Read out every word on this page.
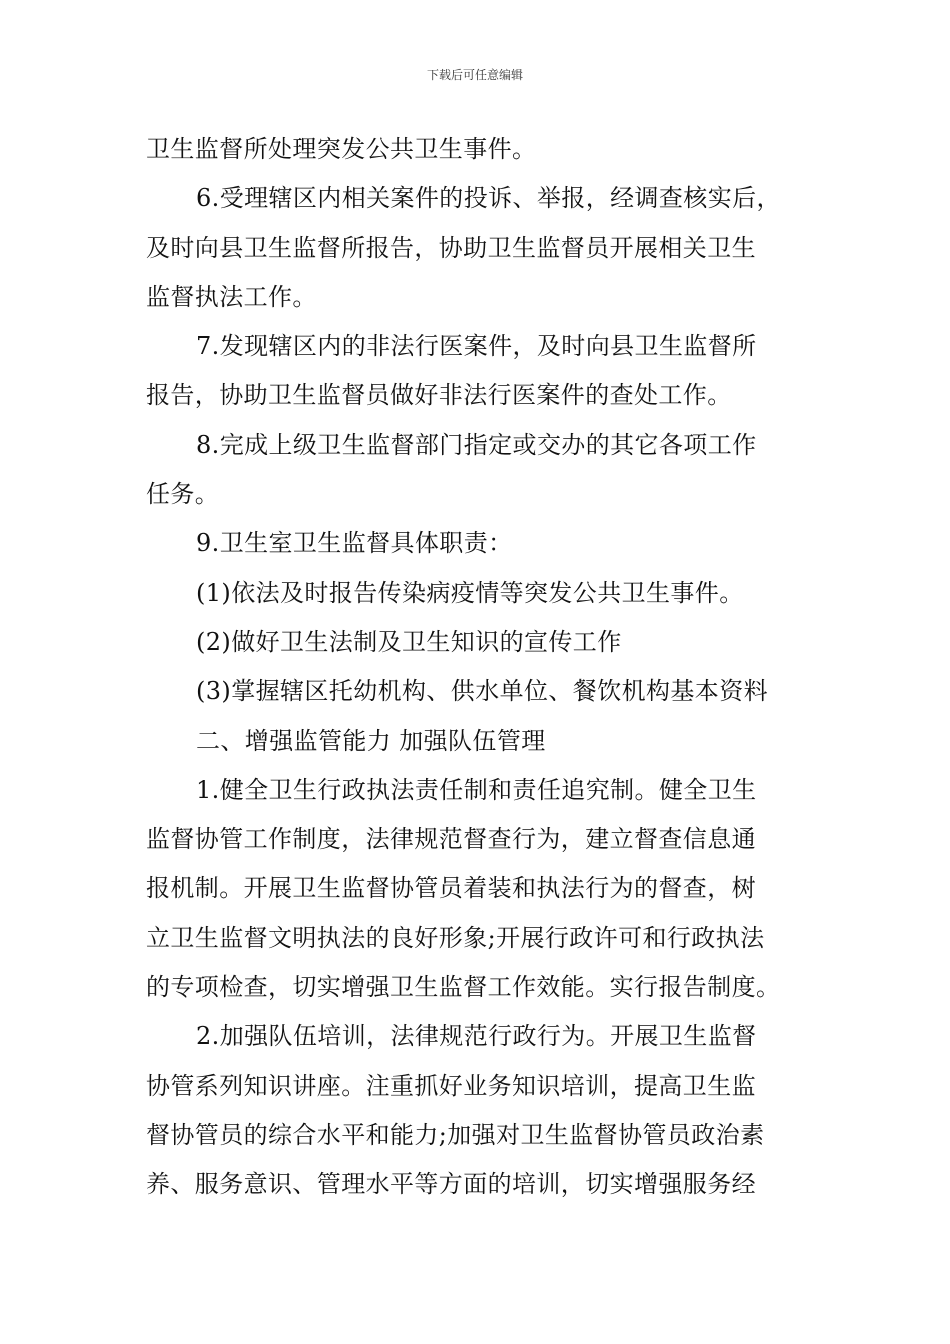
下载后可任意编辑
卫生监督所处理突发公共卫生事件。
6.受理辖区内相关案件的投诉、举报，经调查核实后，
及时向县卫生监督所报告，协助卫生监督员开展相关卫生
监督执法工作。
7.发现辖区内的非法行医案件，及时向县卫生监督所
报告，协助卫生监督员做好非法行医案件的查处工作。
8.完成上级卫生监督部门指定或交办的其它各项工作
任务。
9.卫生室卫生监督具体职责：
(1)依法及时报告传染病疫情等突发公共卫生事件。
(2)做好卫生法制及卫生知识的宣传工作
(3)掌握辖区托幼机构、供水单位、餐饮机构基本资料
二、增强监管能力 加强队伍管理
1.健全卫生行政执法责任制和责任追究制。健全卫生
监督协管工作制度，法律规范督查行为，建立督查信息通
报机制。开展卫生监督协管员着装和执法行为的督查，树
立卫生监督文明执法的良好形象;开展行政许可和行政执法
的专项检查，切实增强卫生监督工作效能。实行报告制度。
2.加强队伍培训，法律规范行政行为。开展卫生监督
协管系列知识讲座。注重抓好业务知识培训，提高卫生监
督协管员的综合水平和能力;加强对卫生监督协管员政治素
养、服务意识、管理水平等方面的培训，切实增强服务经
